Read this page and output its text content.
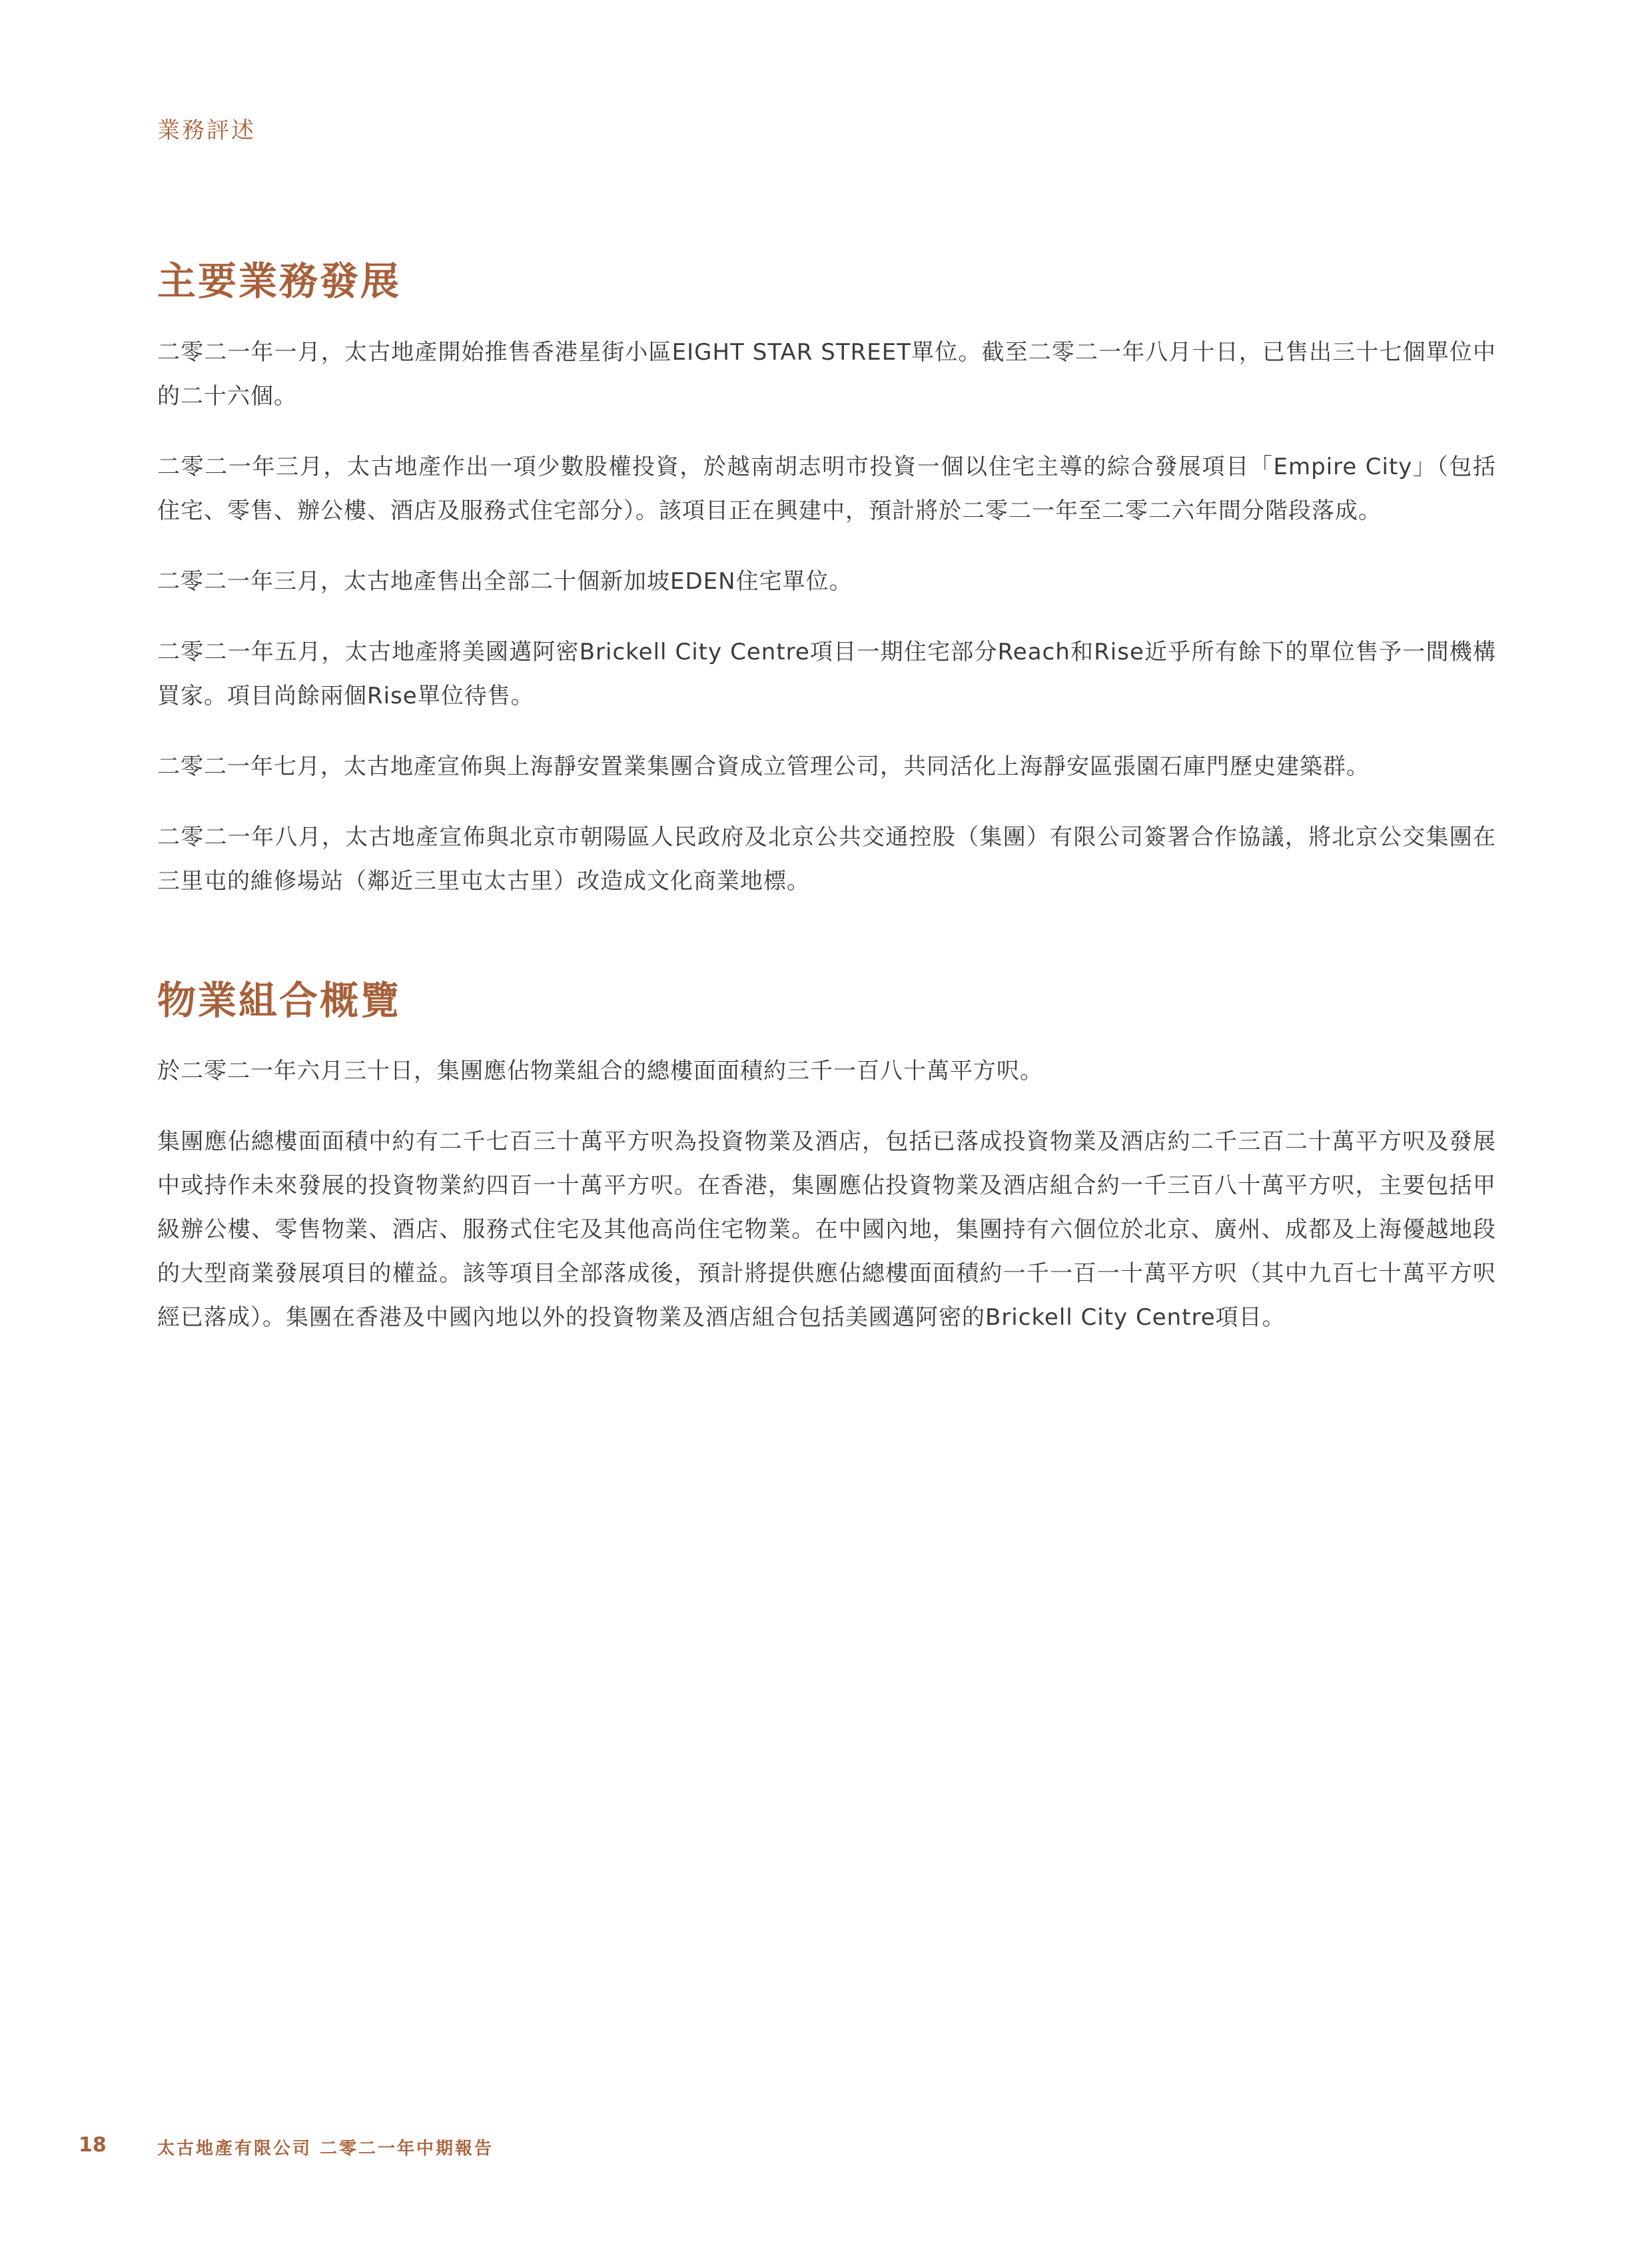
業務評述
主要業務發展

二零二一年一月，太古地產開始推售香港星街小區EIGHT STAR STREET單位。截至二零二一年八月十日，已售出三十七個單位中的二十六個。

二零二一年三月，太古地產作出一項少數股權投資，於越南胡志明市投資一個以住宅主導的綜合發展項目「Empire City」（包括住宅、零售、辦公樓、酒店及服務式住宅部分）。該項目正在興建中，預計將於二零二一年至二零二六年間分階段落成。

二零二一年三月，太古地產售出全部二十個新加坡EDEN住宅單位。

二零二一年五月，太古地產將美國邁阿密Brickell City Centre項目一期住宅部分Reach和Rise近乎所有餘下的單位售予一間機構買家。項目尚餘兩個Rise單位待售。

二零二一年七月，太古地產宣佈與上海靜安置業集團合資成立管理公司，共同活化上海靜安區張園石庫門歷史建築群。

二零二一年八月，太古地產宣佈與北京市朝陽區人民政府及北京公共交通控股（集團）有限公司簽署合作協議，將北京公交集團在三里屯的維修場站（鄰近三里屯太古里）改造成文化商業地標。

物業組合概覽

於二零二一年六月三十日，集團應佔物業組合的總樓面面積約三千一百八十萬平方呎。

集團應佔總樓面面積中約有二千七百三十萬平方呎為投資物業及酒店，包括已落成投資物業及酒店約二千三百二十萬平方呎及發展中或持作未來發展的投資物業約四百一十萬平方呎。在香港，集團應佔投資物業及酒店組合約一千三百八十萬平方呎，主要包括甲級辦公樓、零售物業、酒店、服務式住宅及其他高尚住宅物業。在中國內地，集團持有六個位於北京、廣州、成都及上海優越地段的大型商業發展項目的權益。該等項目全部落成後，預計將提供應佔總樓面面積約一千一百一十萬平方呎（其中九百七十萬平方呎經已落成）。集團在香港及中國內地以外的投資物業及酒店組合包括美國邁阿密的Brickell City Centre項目。

18	太古地產有限公司 二零二一年中期報告
